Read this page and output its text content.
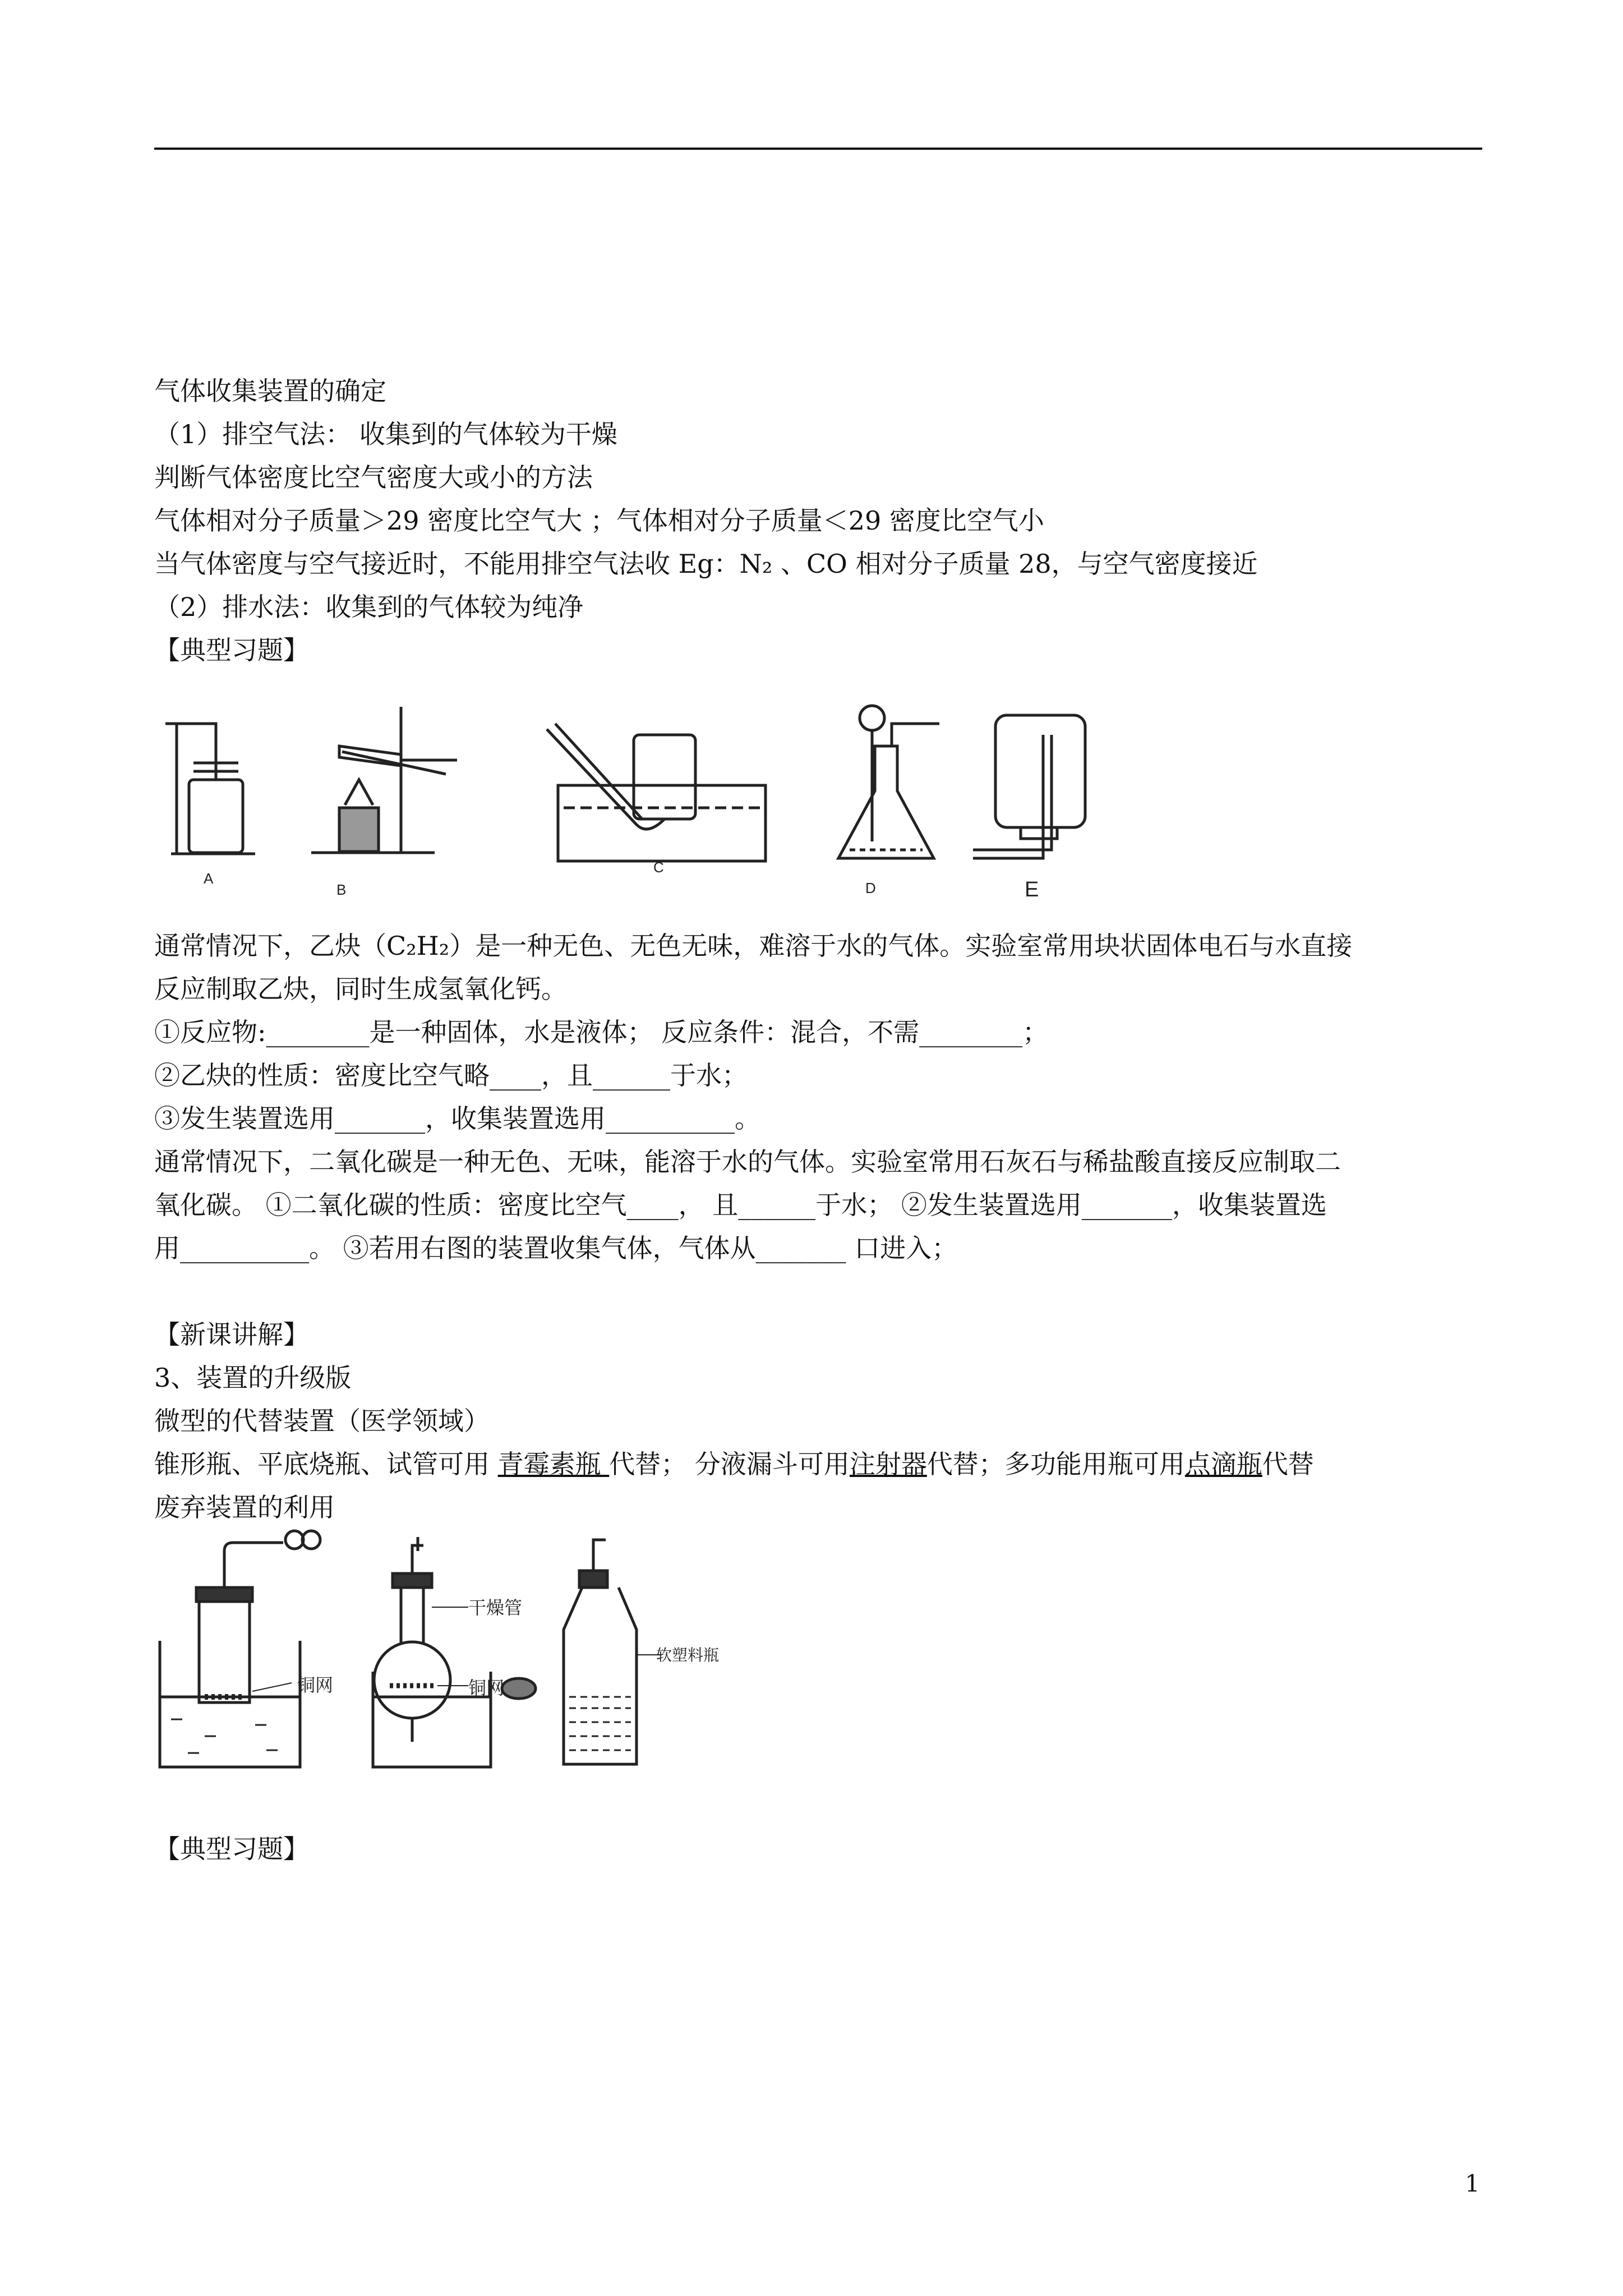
气体收集装置的确定
（1）排空气法： 收集到的气体较为干燥
判断气体密度比空气密度大或小的方法
气体相对分子质量＞29 密度比空气大 ；气体相对分子质量＜29 密度比空气小
当气体密度与空气接近时，不能用排空气法收 Eg：N₂ 、CO 相对分子质量 28，与空气密度接近
（2）排水法：收集到的气体较为纯净
【典型习题】
A
B
C
D	E
通常情况下，乙炔（C₂H₂）是一种无色、无色无味，难溶于水的气体。实验室常用块状固体电石与水直接
反应制取乙炔，同时生成氢氧化钙。
①反应物:________是一种固体，水是液体； 反应条件：混合，不需________；
②乙炔的性质：密度比空气略____，且______于水；
③发生装置选用_______，收集装置选用__________。
通常情况下，二氧化碳是一种无色、无味，能溶于水的气体。实验室常用石灰石与稀盐酸直接反应制取二
氧化碳。 ①二氧化碳的性质：密度比空气____， 且______于水； ②发生装置选用_______，收集装置选
用__________。 ③若用右图的装置收集气体，气体从_______ 口进入；
【新课讲解】
3、装置的升级版
微型的代替装置（医学领域）
锥形瓶、平底烧瓶、试管可用 青霉素瓶 代替； 分液漏斗可用注射器代替；多功能用瓶可用点滴瓶代替
废弃装置的利用
铜网
干燥管
铜网
软塑料瓶
【典型习题】
1
